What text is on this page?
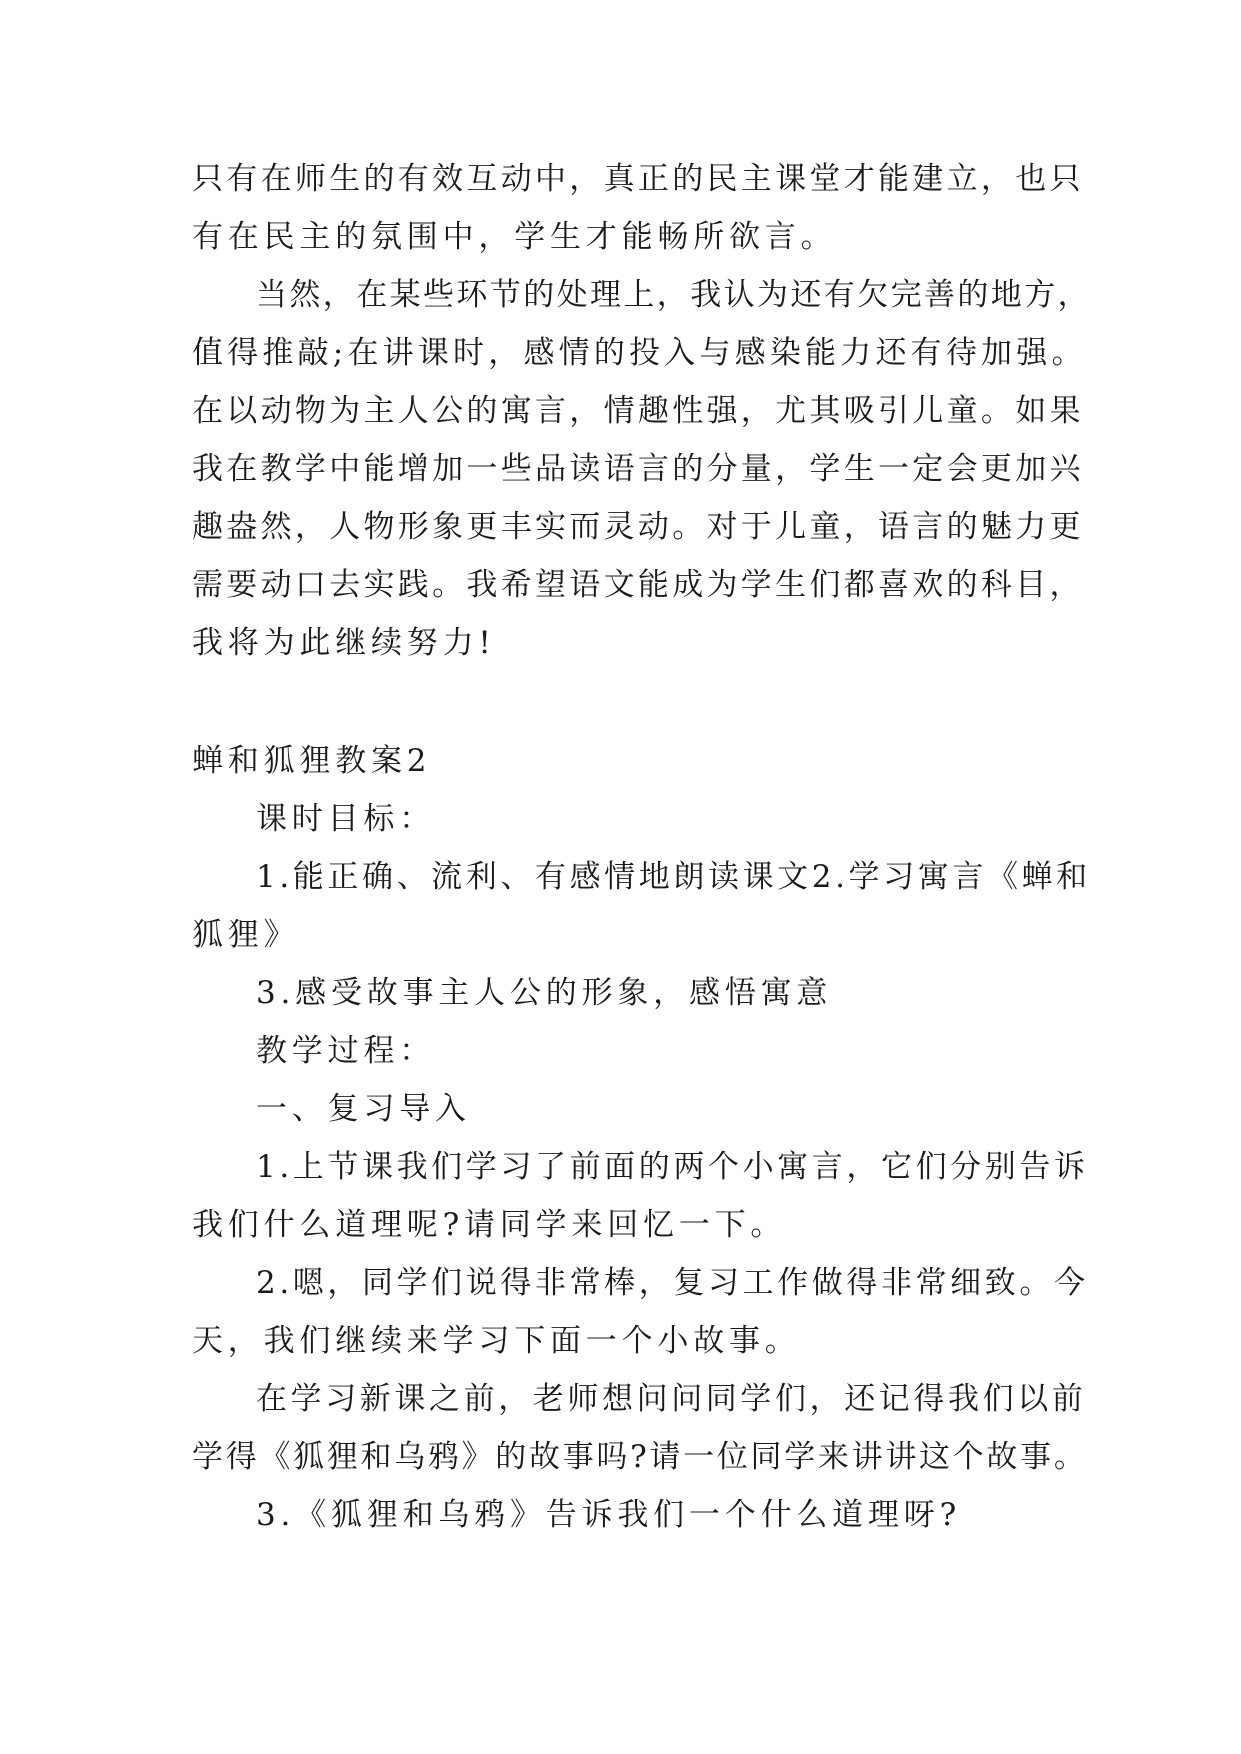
只有在师生的有效互动中，真正的民主课堂才能建立，也只
有在民主的氛围中，学生才能畅所欲言。
当然，在某些环节的处理上，我认为还有欠完善的地方，
值得推敲;在讲课时，感情的投入与感染能力还有待加强。
在以动物为主人公的寓言，情趣性强，尤其吸引儿童。如果
我在教学中能增加一些品读语言的分量，学生一定会更加兴
趣盎然，人物形象更丰实而灵动。对于儿童，语言的魅力更
需要动口去实践。我希望语文能成为学生们都喜欢的科目，
我将为此继续努力!
蝉和狐狸教案2
课时目标：
1.能正确、流利、有感情地朗读课文2.学习寓言《蝉和
狐狸》
3.感受故事主人公的形象，感悟寓意
教学过程：
一、复习导入
1.上节课我们学习了前面的两个小寓言，它们分别告诉
我们什么道理呢?请同学来回忆一下。
2.嗯，同学们说得非常棒，复习工作做得非常细致。今
天，我们继续来学习下面一个小故事。
在学习新课之前，老师想问问同学们，还记得我们以前
学得《狐狸和乌鸦》的故事吗?请一位同学来讲讲这个故事。
3.《狐狸和乌鸦》告诉我们一个什么道理呀?
